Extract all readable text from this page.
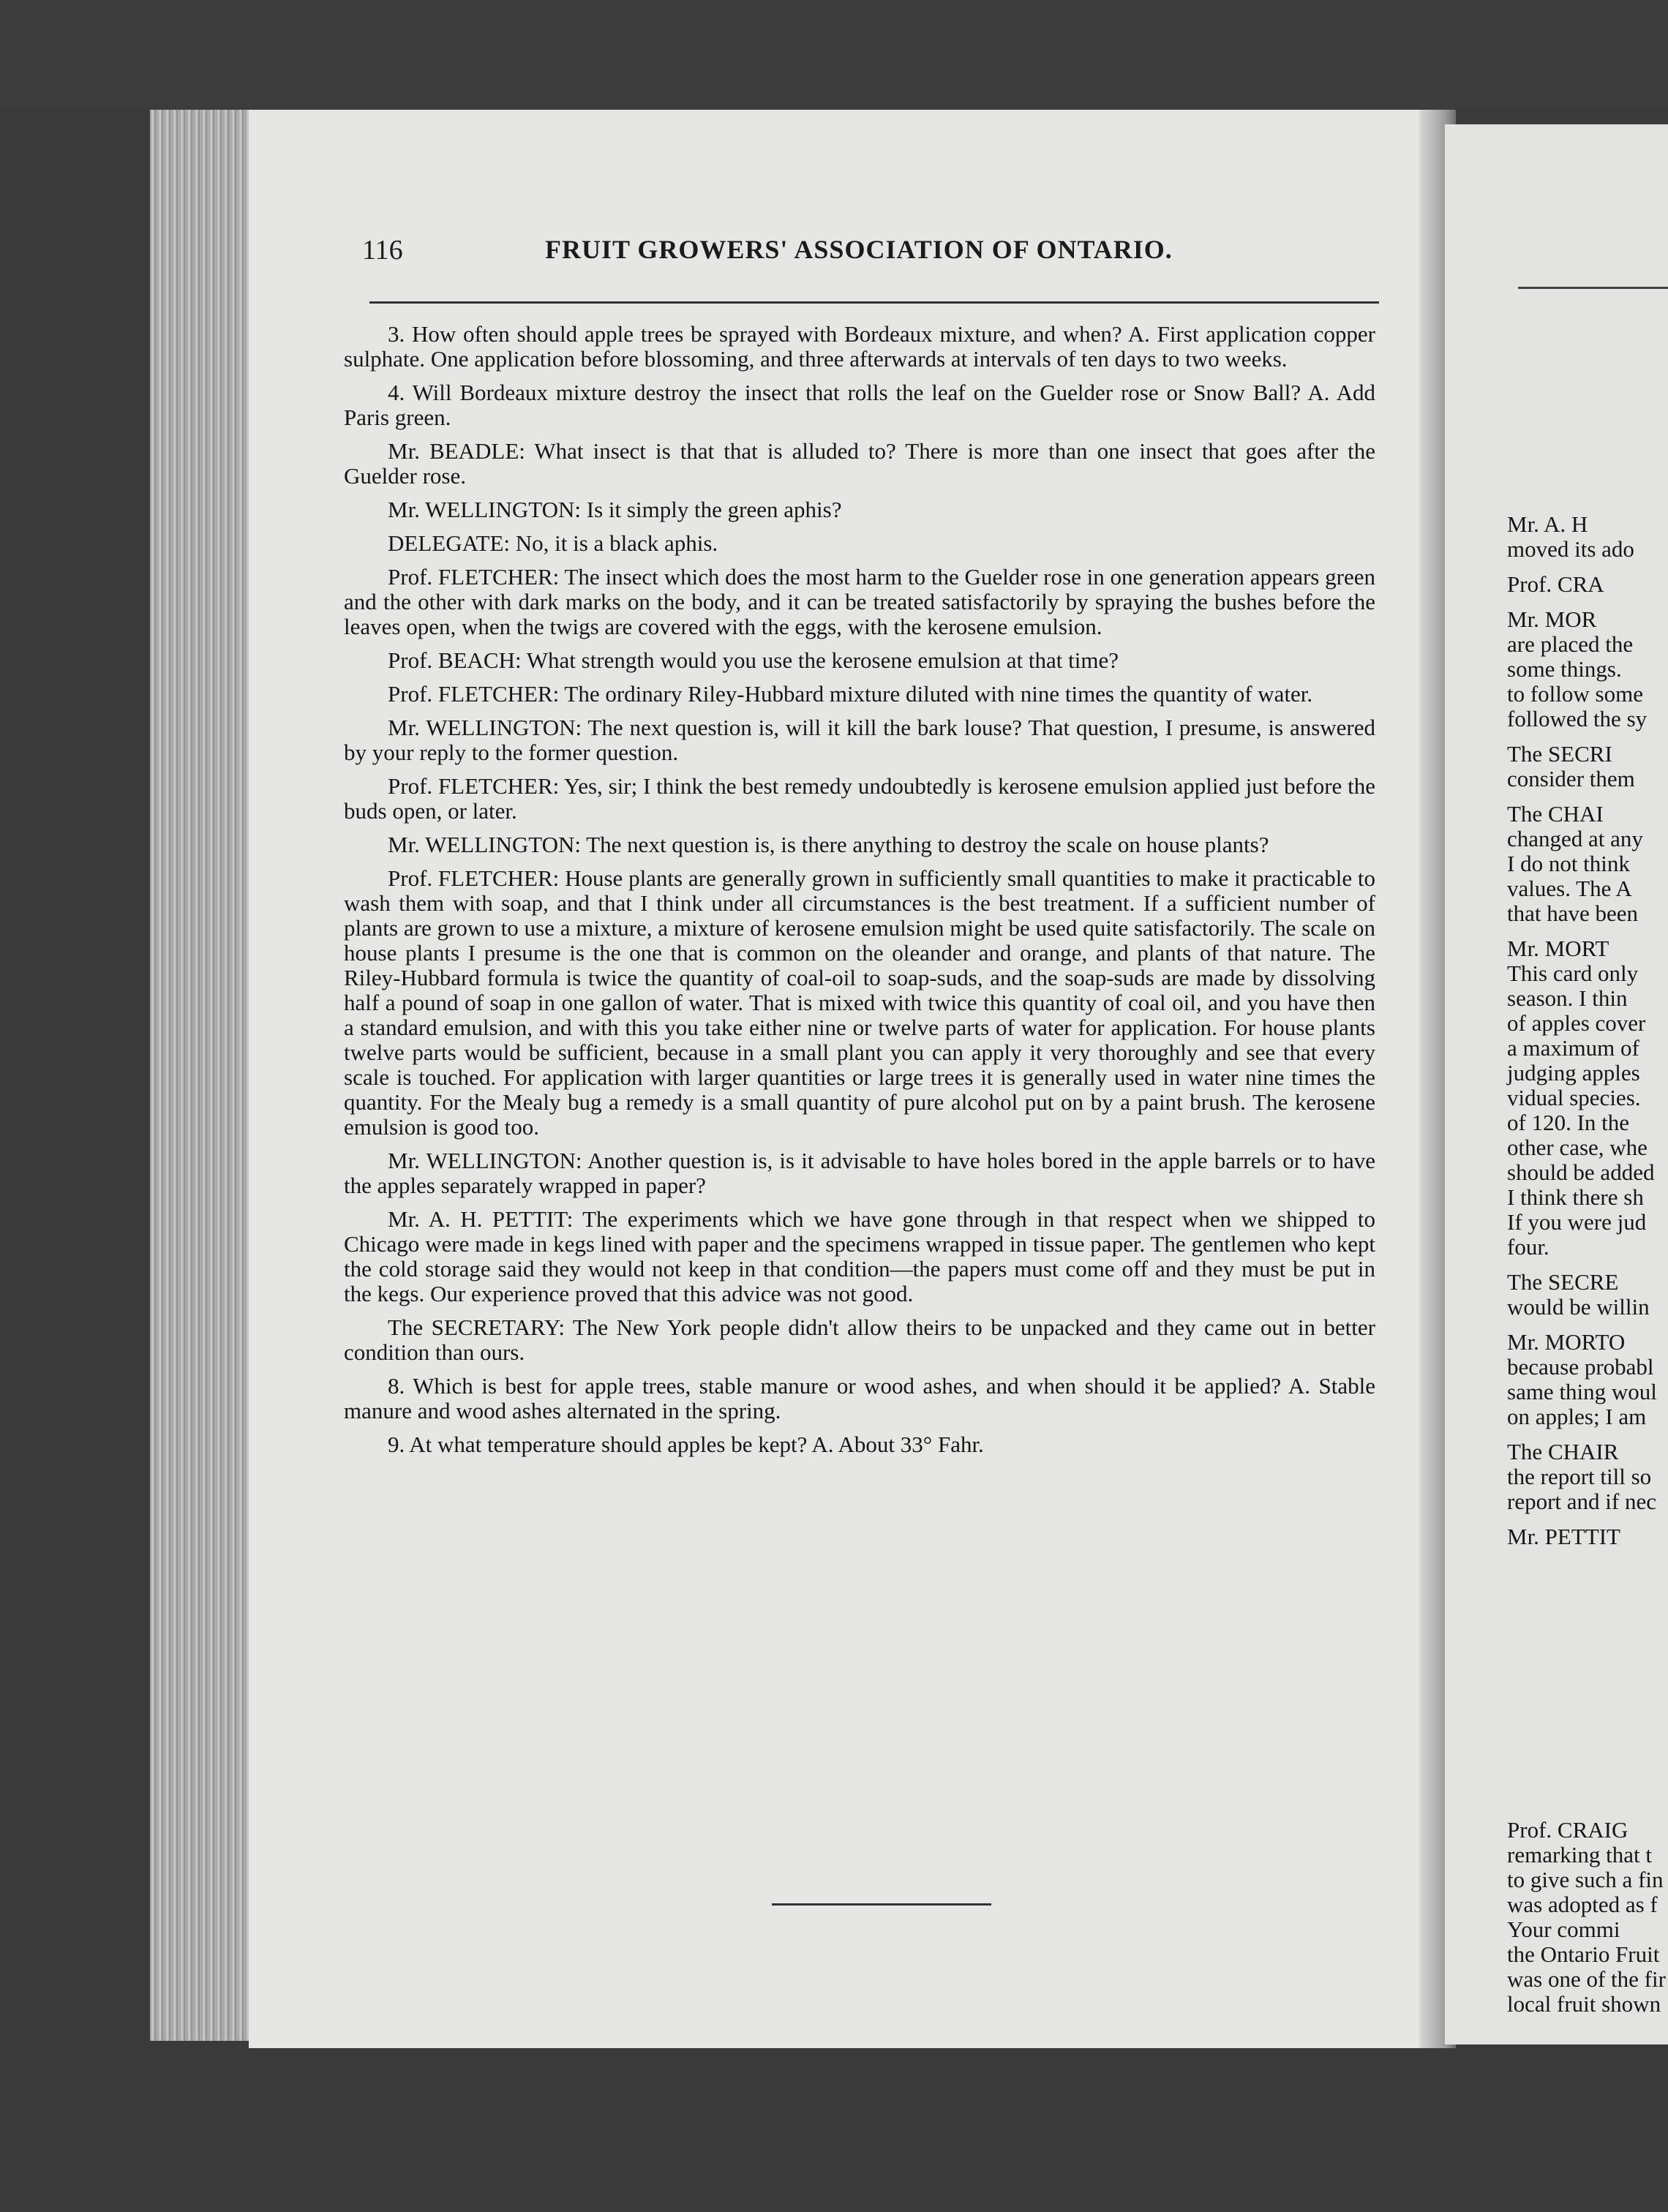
Mr. A. H
moved its ado
Prof. CRA
Mr. MOR
are placed the
some things.
to follow some
followed the sy
The SECRI
consider them
The CHAI
changed at any
I do not think
values. The A
that have been
Mr. MORT
This card only
season. I thin
of apples cover
a maximum of
judging apples
vidual species.
of 120. In the
other case, whe
should be added
I think there sh
If you were jud
four.
The SECRE
would be willin
Mr. MORTO
because probabl
same thing woul
on apples; I am
The CHAIR
the report till so
report and if nec
Mr. PETTIT
Prof. CRAIG
remarking that t
to give such a fin
was adopted as f
Your commi
the Ontario Fruit
was one of the fir
local fruit shown
116	FRUIT GROWERS' ASSOCIATION OF ONTARIO.

3. How often should apple trees be sprayed with Bordeaux mixture, and when? A. First application copper sulphate. One application before blossoming, and three afterwards at intervals of ten days to two weeks.

4. Will Bordeaux mixture destroy the insect that rolls the leaf on the Guelder rose or Snow Ball? A. Add Paris green.

Mr. BEADLE: What insect is that that is alluded to? There is more than one insect that goes after the Guelder rose.

Mr. WELLINGTON: Is it simply the green aphis?

DELEGATE: No, it is a black aphis.

Prof. FLETCHER: The insect which does the most harm to the Guelder rose in one generation appears green and the other with dark marks on the body, and it can be treated satisfactorily by spraying the bushes before the leaves open, when the twigs are covered with the eggs, with the kerosene emulsion.

Prof. BEACH: What strength would you use the kerosene emulsion at that time?

Prof. FLETCHER: The ordinary Riley-Hubbard mixture diluted with nine times the quantity of water.

Mr. WELLINGTON: The next question is, will it kill the bark louse? That question, I presume, is answered by your reply to the former question.

Prof. FLETCHER: Yes, sir; I think the best remedy undoubtedly is kerosene emulsion applied just before the buds open, or later.

Mr. WELLINGTON: The next question is, is there anything to destroy the scale on house plants?

Prof. FLETCHER: House plants are generally grown in sufficiently small quantities to make it practicable to wash them with soap, and that I think under all circumstances is the best treatment. If a sufficient number of plants are grown to use a mixture, a mixture of kerosene emulsion might be used quite satisfactorily. The scale on house plants I presume is the one that is common on the oleander and orange, and plants of that nature. The Riley-Hubbard formula is twice the quantity of coal-oil to soap-suds, and the soap-suds are made by dissolving half a pound of soap in one gallon of water. That is mixed with twice this quantity of coal oil, and you have then a standard emulsion, and with this you take either nine or twelve parts of water for application. For house plants twelve parts would be sufficient, because in a small plant you can apply it very thoroughly and see that every scale is touched. For application with larger quantities or large trees it is generally used in water nine times the quantity. For the Mealy bug a remedy is a small quantity of pure alcohol put on by a paint brush. The kerosene emulsion is good too.

Mr. WELLINGTON: Another question is, is it advisable to have holes bored in the apple barrels or to have the apples separately wrapped in paper?

Mr. A. H. PETTIT: The experiments which we have gone through in that respect when we shipped to Chicago were made in kegs lined with paper and the specimens wrapped in tissue paper. The gentlemen who kept the cold storage said they would not keep in that condition—the papers must come off and they must be put in the kegs. Our experience proved that this advice was not good.

The SECRETARY: The New York people didn't allow theirs to be unpacked and they came out in better condition than ours.

8. Which is best for apple trees, stable manure or wood ashes, and when should it be applied? A. Stable manure and wood ashes alternated in the spring.

9. At what temperature should apples be kept? A. About 33° Fahr.
